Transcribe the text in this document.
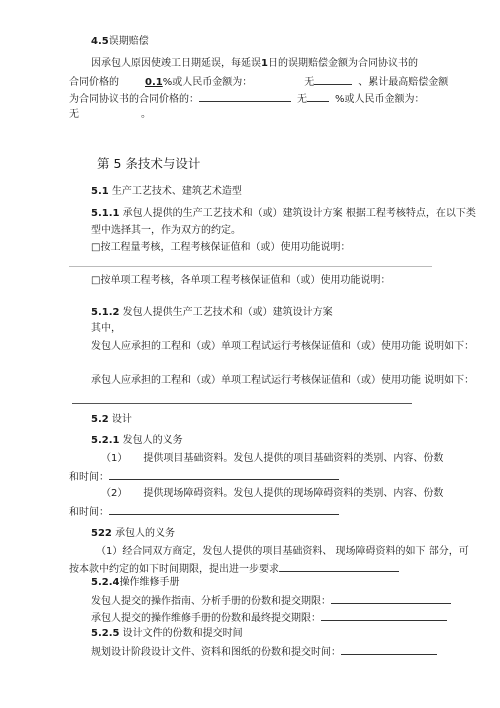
4.5误期赔偿
因承包人原因使竣工日期延误，每延误1日的误期赔偿金额为合同协议书的
合同价格的	0.1%或人民币金额为：	无	、累计最高赔偿金额
为合同协议书的合同价格的：	无	%或人民币金额为：
无	。
第 5 条技术与设计
5.1 生产工艺技术、建筑艺术造型
5.1.1 承包人提供的生产工艺技术和（或）建筑设计方案 根据工程考核特点，在以下类
型中选择其一，作为双方的约定。
□按工程量考核，工程考核保证值和（或）使用功能说明：
□按单项工程考核，各单项工程考核保证值和（或）使用功能说明：
5.1.2 发包人提供生产工艺技术和（或）建筑设计方案
其中，
发包人应承担的工程和（或）单项工程试运行考核保证值和（或）使用功能 说明如下：
承包人应承担的工程和（或）单项工程试运行考核保证值和（或）使用功能 说明如下：
5.2 设计
5.2.1 发包人的义务
（1） 提供项目基础资料。发包人提供的项目基础资料的类别、内容、份数
和时间：
（2） 提供现场障碍资料。发包人提供的现场障碍资料的类别、内容、份数
和时间：
522 承包人的义务
（1）经合同双方商定，发包人提供的项目基础资料、 现场障碍资料的如下 部分，可
按本款中约定的如下时间期限，提出进一步要求
5.2.4操作维修手册
发包人提交的操作指南、分析手册的份数和提交期限：
承包人提交的操作维修手册的份数和最终提交期限：
5.2.5 设计文件的份数和提交时间
规划设计阶段设计文件、资料和图纸的份数和提交时间：
